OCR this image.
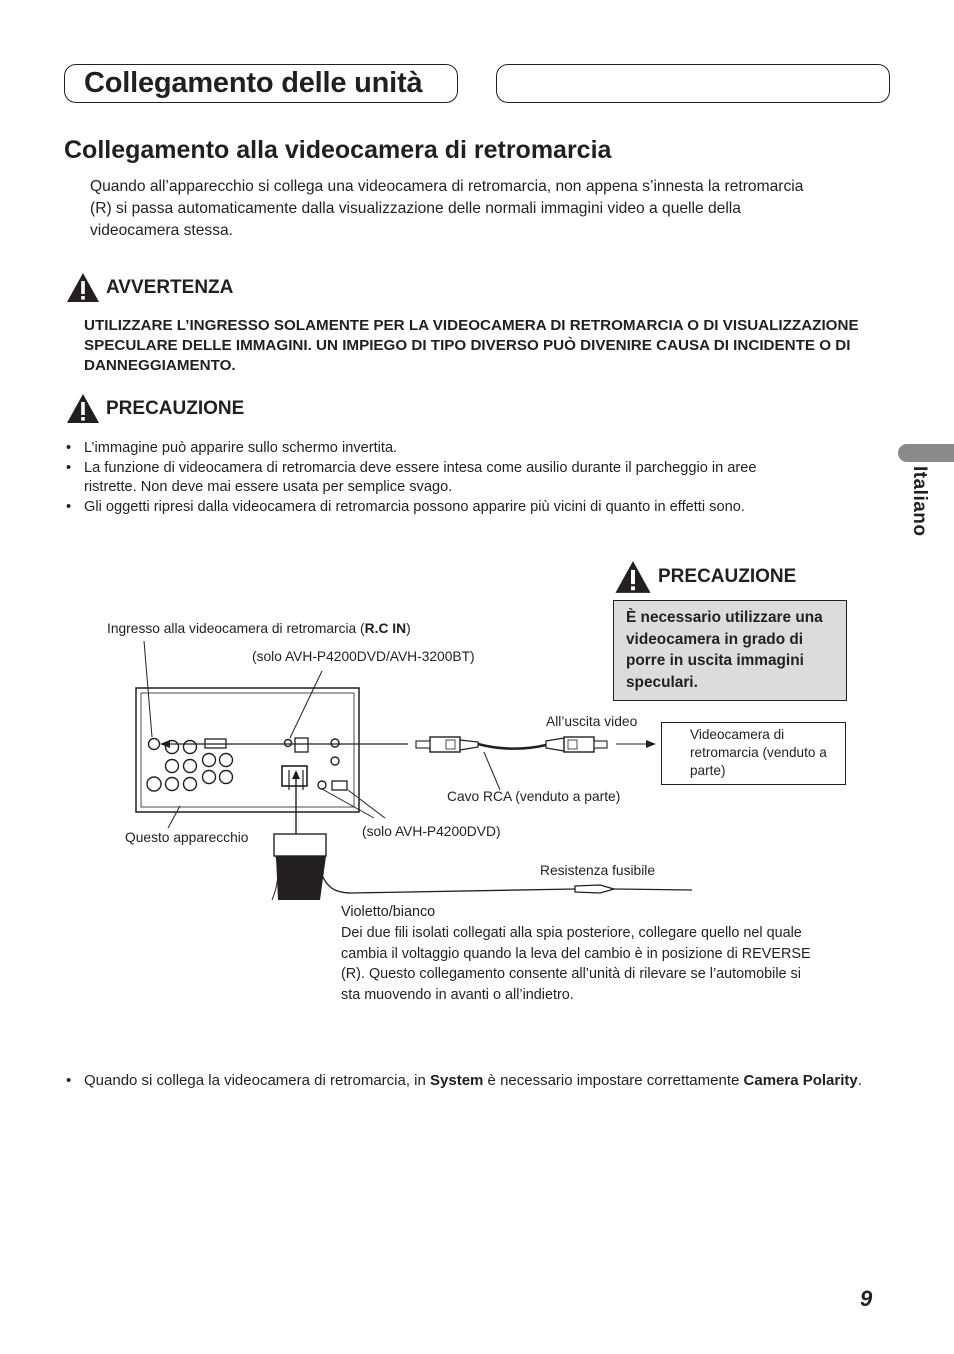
Collegamento delle unità
Collegamento alla videocamera di retromarcia

Quando all’apparecchio si collega una videocamera di retromarcia, non appena s’innesta la retromarcia (R) si passa automaticamente dalla visualizzazione delle normali immagini video a quelle della videocamera stessa.

AVVERTENZA

UTILIZZARE L’INGRESSO SOLAMENTE PER LA VIDEOCAMERA DI RETROMARCIA O DI VISUALIZZAZIONE SPECULARE DELLE IMMAGINI. UN IMPIEGO DI TIPO DIVERSO PUÒ DIVENIRE CAUSA DI INCIDENTE O DI DANNEGGIAMENTO.

PRECAUZIONE
• L’immagine può apparire sullo schermo invertita.
• La funzione di videocamera di retromarcia deve essere intesa come ausilio durante il parcheggio in aree ristrette. Non deve mai essere usata per semplice svago.
• Gli oggetti ripresi dalla videocamera di retromarcia possono apparire più vicini di quanto in effetti sono.	Italiano
PRECAUZIONE
È necessario utilizzare una videocamera in grado di porre in uscita immagini speculari.
Ingresso alla videocamera di retromarcia (R.C IN)
(solo AVH-P4200DVD/AVH-3200BT)
All’uscita video
Videocamera di retromarcia (venduto a parte)
Cavo RCA (venduto a parte)
Questo apparecchio	(solo AVH-P4200DVD)
Resistenza fusibile
Violetto/bianco
Dei due fili isolati collegati alla spia posteriore, collegare quello nel quale cambia il voltaggio quando la leva del cambio è in posizione di REVERSE (R). Questo collegamento consente all’unità di rilevare se l’automobile si sta muovendo in avanti o all’indietro.
• Quando si collega la videocamera di retromarcia, in System è necessario impostare correttamente Camera Polarity.
9
